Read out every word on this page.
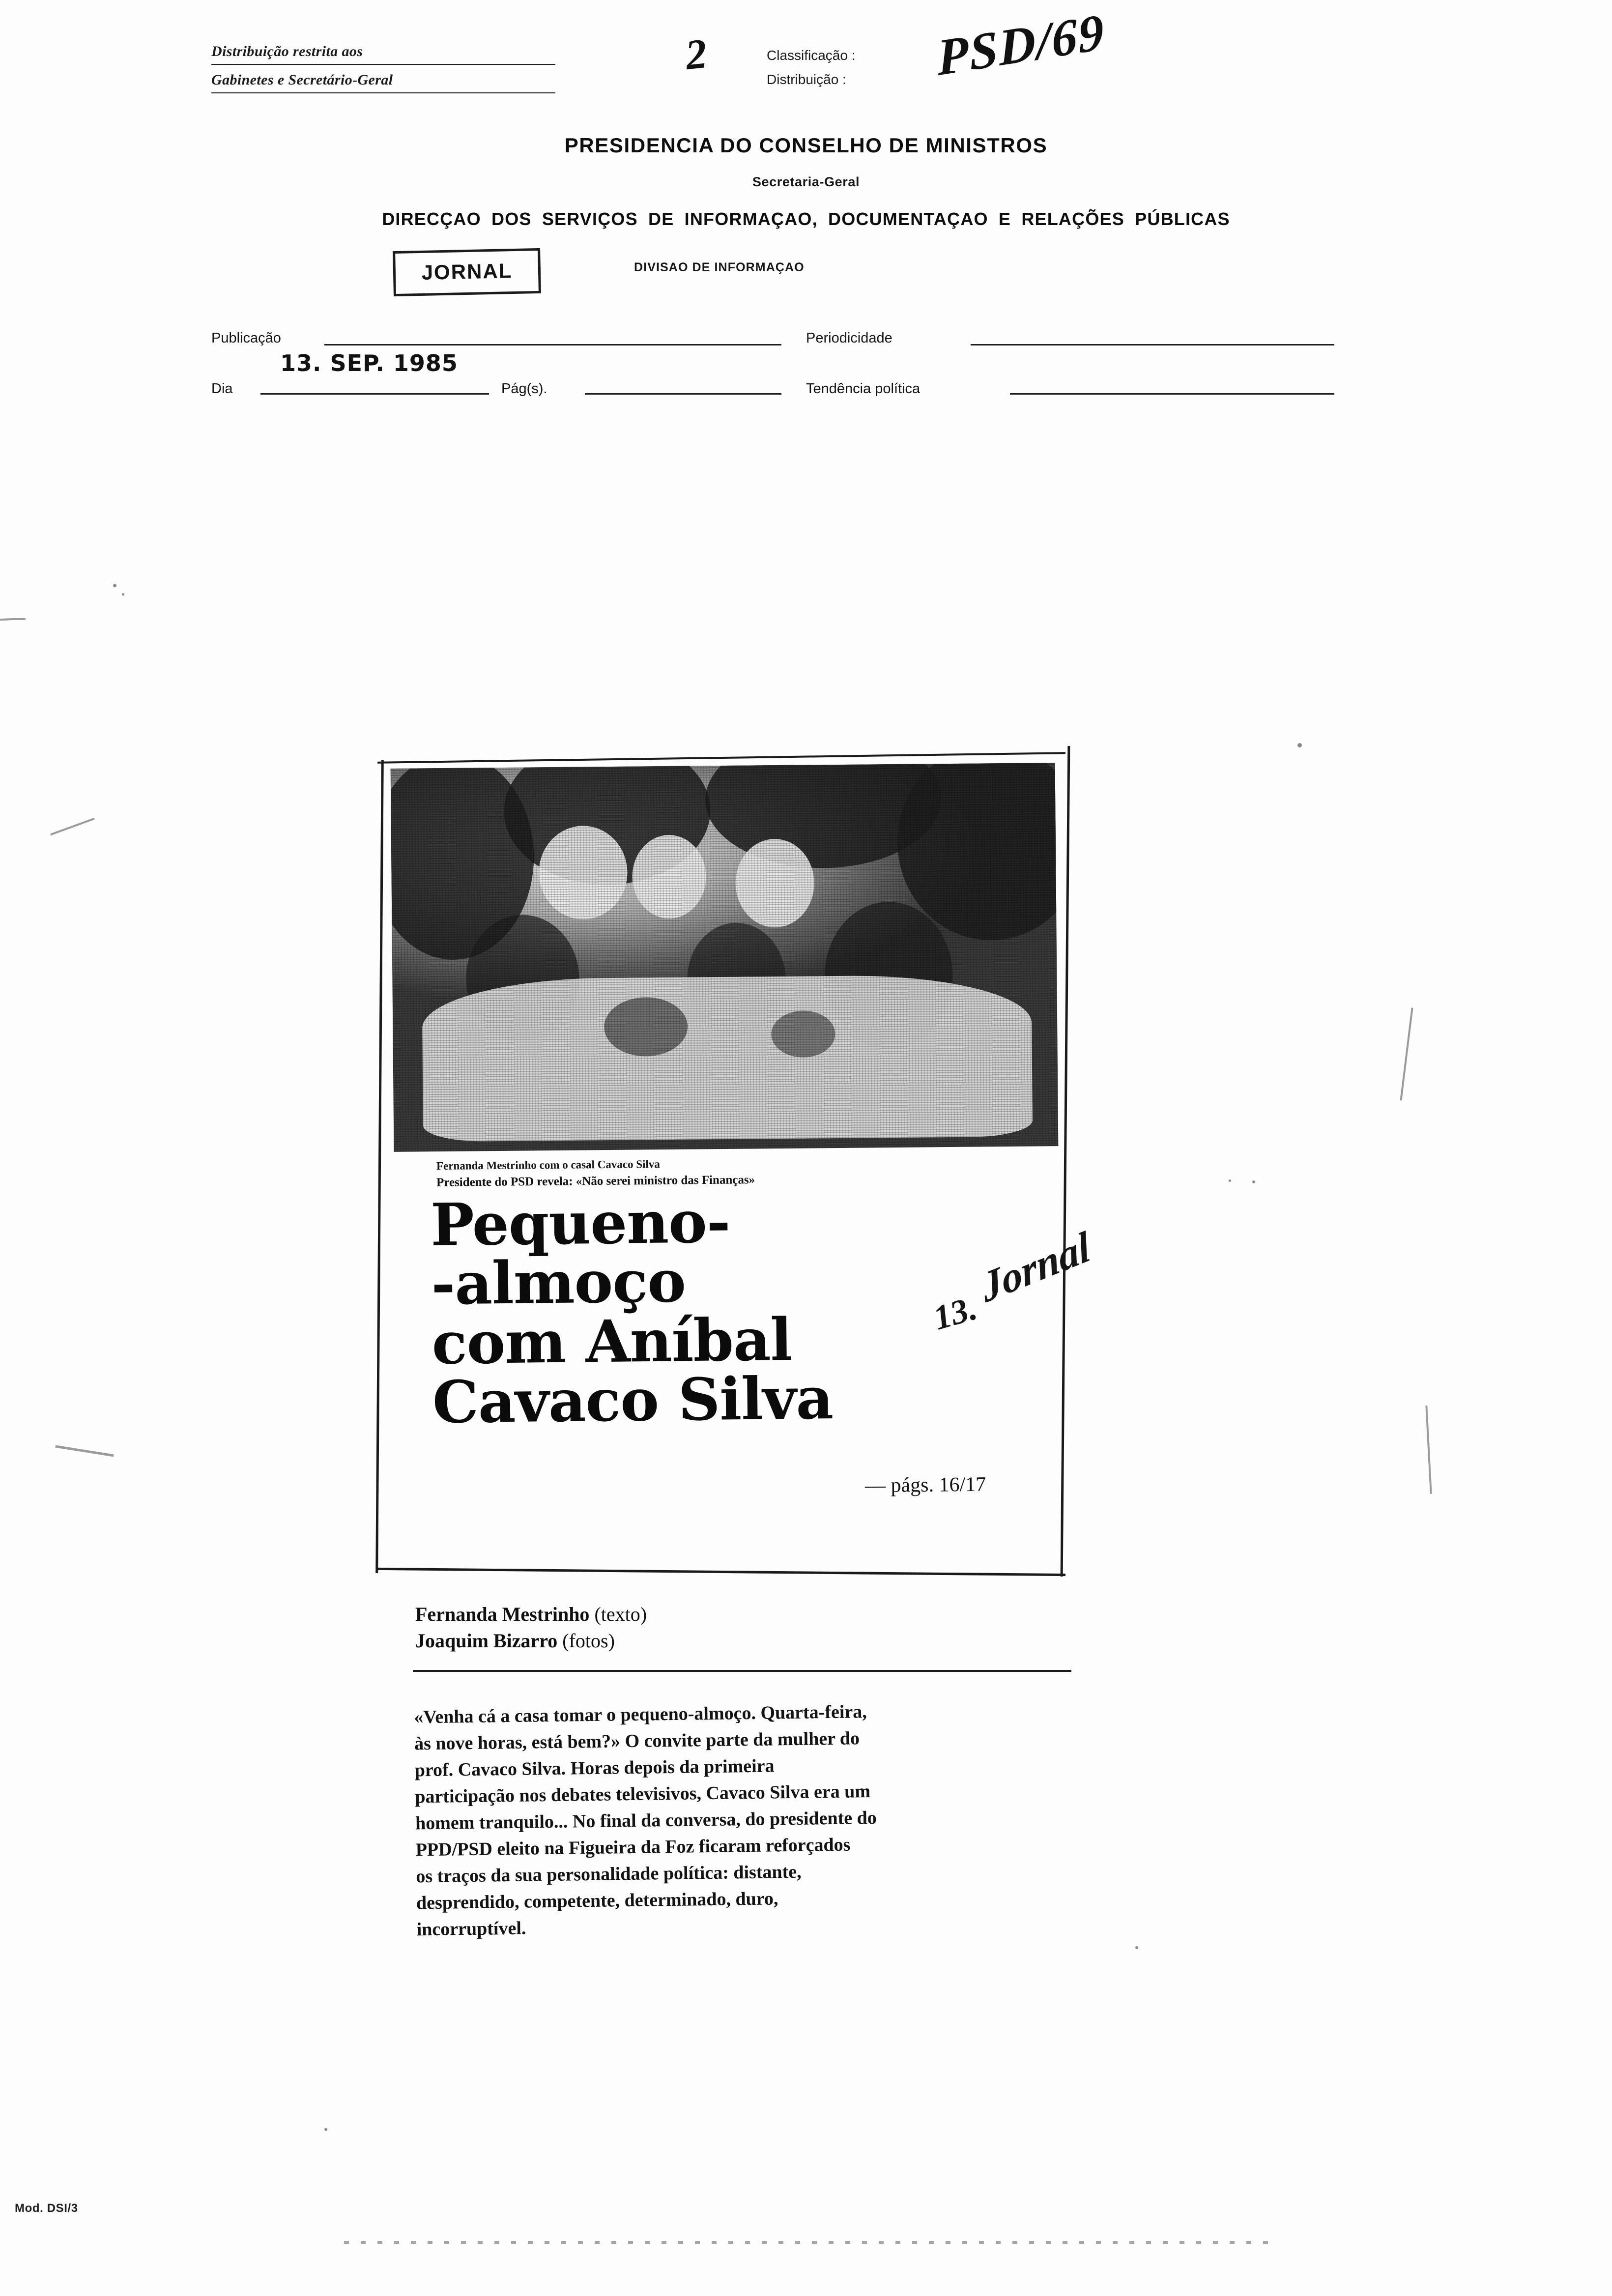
Distribuição restrita aos
Gabinetes e Secretário-Geral
Classificação :
Distribuição :
2	PSD/69
PRESIDENCIA DO CONSELHO DE MINISTROS
Secretaria-Geral
DIRECÇAO DOS SERVIÇOS DE INFORMAÇAO, DOCUMENTAÇAO E RELAÇÕES PÚBLICAS
DIVISAO DE INFORMAÇAO
JORNAL
Publicação	Periodicidade
Dia
13. SEP. 1985
Pág(s).	Tendência política
Fernanda Mestrinho com o casal Cavaco Silva
Presidente do PSD revela: «Não serei ministro das Finanças»
Pequeno-
-almoço
com Aníbal
Cavaco Silva
— págs. 16/17
Jornal
13.
Fernanda Mestrinho (texto)
Joaquim Bizarro (fotos)
«Venha cá a casa tomar o pequeno-almoço. Quarta-feira,
às nove horas, está bem?» O convite parte da mulher do
prof. Cavaco Silva. Horas depois da primeira
participação nos debates televisivos, Cavaco Silva era um
homem tranquilo... No final da conversa, do presidente do
PPD/PSD eleito na Figueira da Foz ficaram reforçados
os traços da sua personalidade política: distante,
desprendido, competente, determinado, duro,
incorruptível.
Mod. DSI/3
